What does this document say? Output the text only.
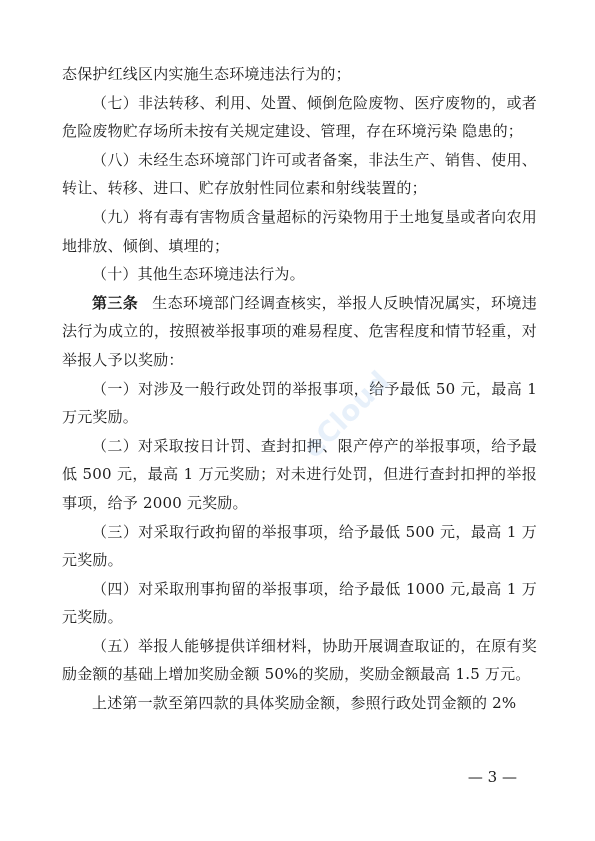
态保护红线区内实施生态环境违法行为的；

（七）非法转移、利用、处置、倾倒危险废物、医疗废物的，或者危险废物贮存场所未按有关规定建设、管理，存在环境污染 隐患的；

（八）未经生态环境部门许可或者备案，非法生产、销售、使用、转让、转移、进口、贮存放射性同位素和射线装置的；

（九）将有毒有害物质含量超标的污染物用于土地复垦或者向农用地排放、倾倒、填埋的；

（十）其他生态环境违法行为。

第三条 生态环境部门经调查核实，举报人反映情况属实，环境违法行为成立的，按照被举报事项的难易程度、危害程度和情节轻重，对举报人予以奖励：

（一）对涉及一般行政处罚的举报事项，给予最低 50 元，最高 1 万元奖励。

（二）对采取按日计罚、查封扣押、限产停产的举报事项，给予最低 500 元，最高 1 万元奖励；对未进行处罚，但进行查封扣押的举报事项，给予 2000 元奖励。

（三）对采取行政拘留的举报事项，给予最低 500 元，最高 1 万元奖励。

（四）对采取刑事拘留的举报事项，给予最低 1000 元,最高 1 万元奖励。

（五）举报人能够提供详细材料，协助开展调查取证的，在原有奖励金额的基础上增加奖励金额 50%的奖励，奖励金额最高 1.5 万元。

上述第一款至第四款的具体奖励金额，参照行政处罚金额的 2%

eCloud
— 3 —
